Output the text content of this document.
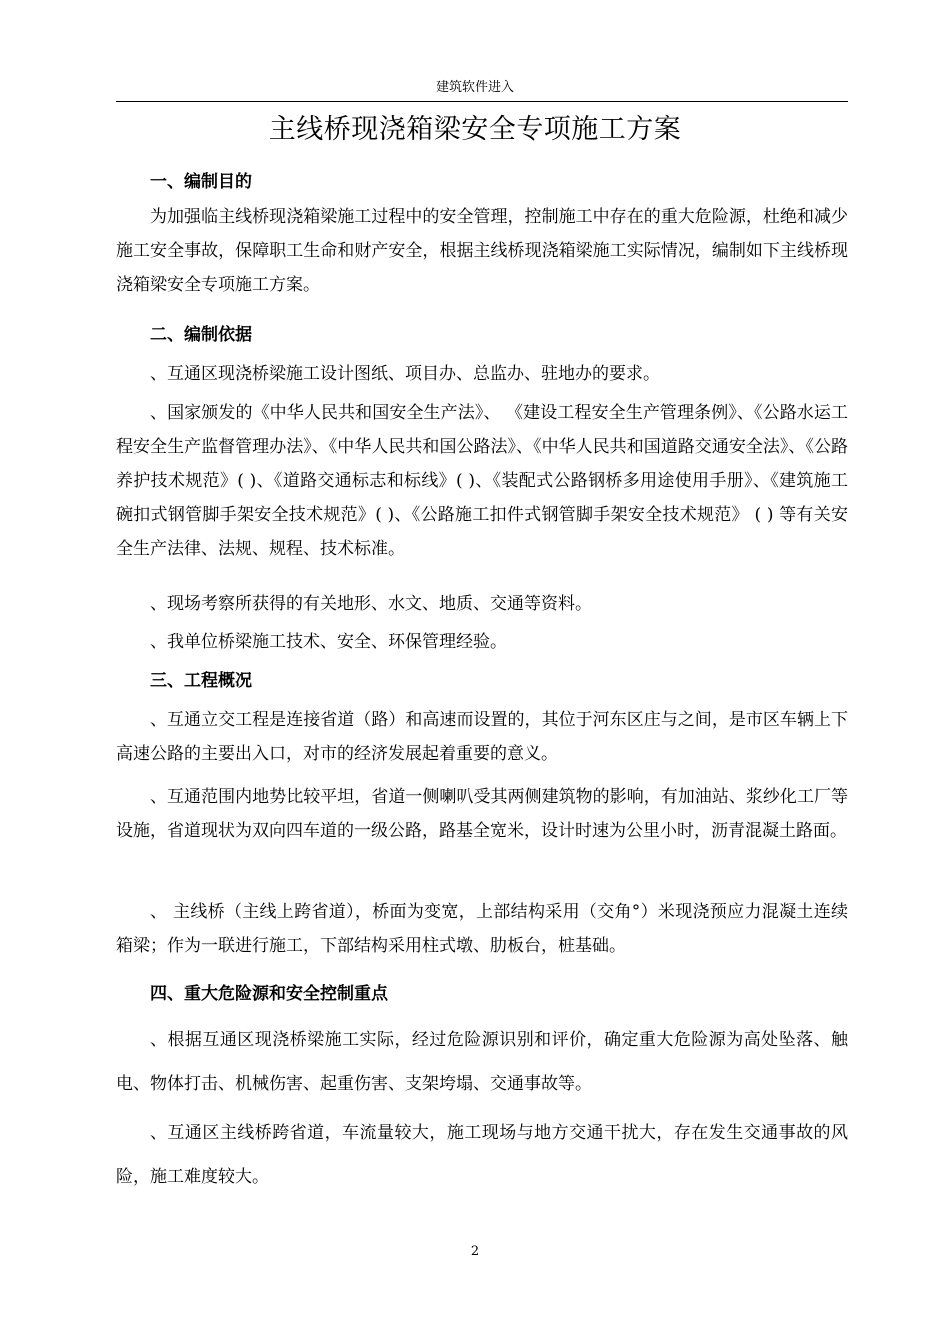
建筑软件进入
主线桥现浇箱梁安全专项施工方案
一、编制目的

为加强临主线桥现浇箱梁施工过程中的安全管理，控制施工中存在的重大危险源，杜绝和减少施工安全事故，保障职工生命和财产安全，根据主线桥现浇箱梁施工实际情况，编制如下主线桥现浇箱梁安全专项施工方案。

二、编制依据

、互通区现浇桥梁施工设计图纸、项目办、总监办、驻地办的要求。

、国家颁发的《中华人民共和国安全生产法》、 《建设工程安全生产管理条例》、《公路水运工程安全生产监督管理办法》、《中华人民共和国公路法》、《中华人民共和国道路交通安全法》、《公路养护技术规范》( )、《道路交通标志和标线》( )、《装配式公路钢桥多用途使用手册》、《建筑施工碗扣式钢管脚手架安全技术规范》( )、《公路施工扣件式钢管脚手架安全技术规范》 ( ) 等有关安全生产法律、法规、规程、技术标准。

、现场考察所获得的有关地形、水文、地质、交通等资料。

、我单位桥梁施工技术、安全、环保管理经验。

三、工程概况

、互通立交工程是连接省道（路）和高速而设置的，其位于河东区庄与之间，是市区车辆上下高速公路的主要出入口，对市的经济发展起着重要的意义。

、互通范围内地势比较平坦，省道一侧喇叭受其两侧建筑物的影响，有加油站、浆纱化工厂等设施，省道现状为双向四车道的一级公路，路基全宽米，设计时速为公里小时，沥青混凝土路面。

、 主线桥（主线上跨省道），桥面为变宽，上部结构采用（交角°）米现浇预应力混凝土连续箱梁；作为一联进行施工，下部结构采用柱式墩、肋板台，桩基础。

四、重大危险源和安全控制重点

、根据互通区现浇桥梁施工实际，经过危险源识别和评价，确定重大危险源为高处坠落、触电、物体打击、机械伤害、起重伤害、支架垮塌、交通事故等。

、互通区主线桥跨省道，车流量较大，施工现场与地方交通干扰大，存在发生交通事故的风险，施工难度较大。

2
